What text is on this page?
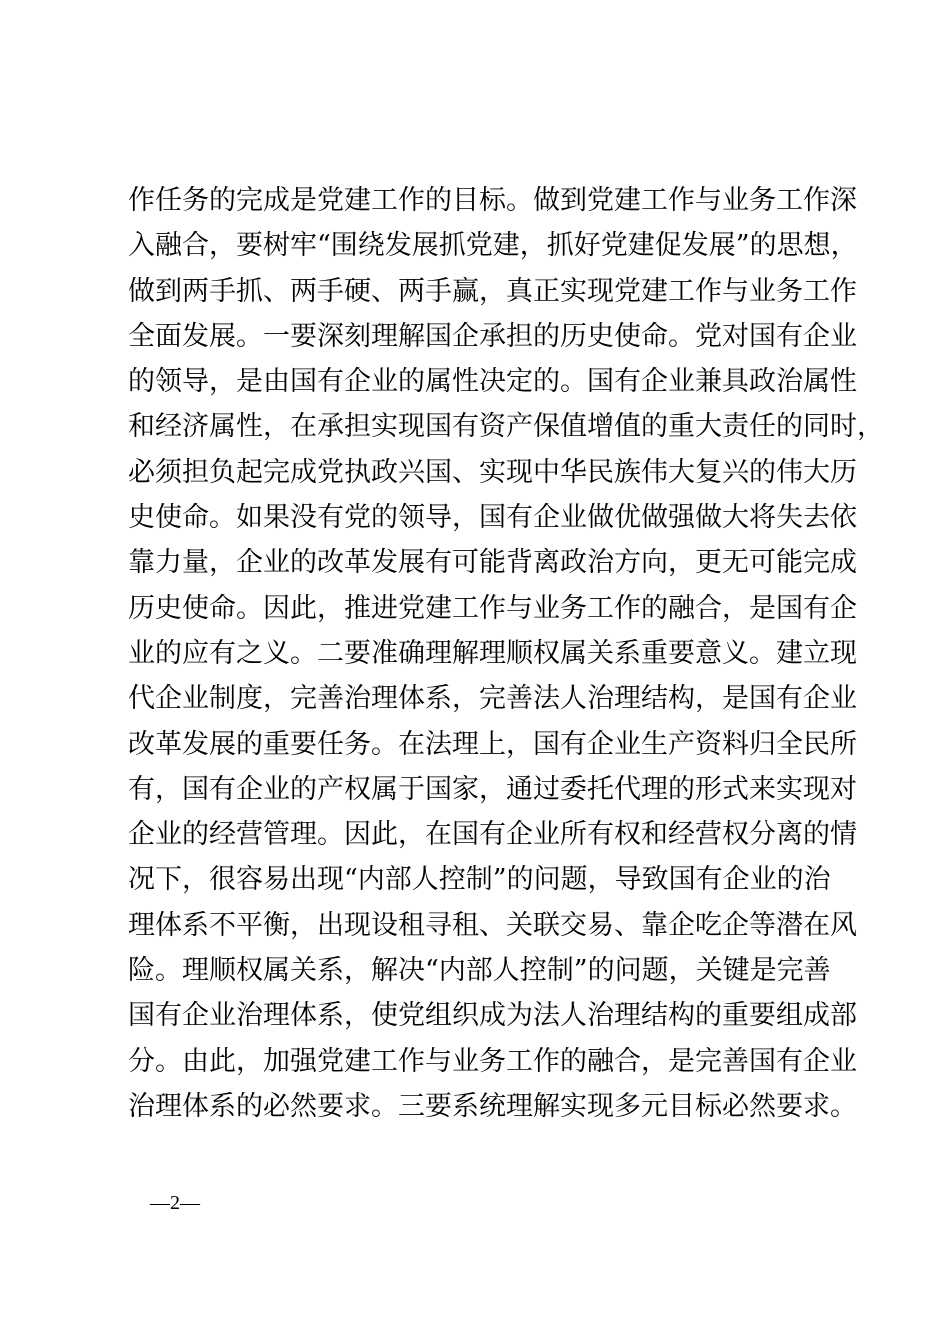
作任务的完成是党建工作的目标。做到党建工作与业务工作深
入融合，要树牢“围绕发展抓党建，抓好党建促发展”的思想，
做到两手抓、两手硬、两手赢，真正实现党建工作与业务工作
全面发展。一要深刻理解国企承担的历史使命。党对国有企业
的领导，是由国有企业的属性决定的。国有企业兼具政治属性
和经济属性，在承担实现国有资产保值增值的重大责任的同时，
必须担负起完成党执政兴国、实现中华民族伟大复兴的伟大历
史使命。如果没有党的领导，国有企业做优做强做大将失去依
靠力量，企业的改革发展有可能背离政治方向，更无可能完成
历史使命。因此，推进党建工作与业务工作的融合，是国有企
业的应有之义。二要准确理解理顺权属关系重要意义。建立现
代企业制度，完善治理体系，完善法人治理结构，是国有企业
改革发展的重要任务。在法理上，国有企业生产资料归全民所
有，国有企业的产权属于国家，通过委托代理的形式来实现对
企业的经营管理。因此，在国有企业所有权和经营权分离的情
况下，很容易出现“内部人控制”的问题，导致国有企业的治
理体系不平衡，出现设租寻租、关联交易、靠企吃企等潜在风
险。理顺权属关系，解决“内部人控制”的问题，关键是完善
国有企业治理体系，使党组织成为法人治理结构的重要组成部
分。由此，加强党建工作与业务工作的融合，是完善国有企业
治理体系的必然要求。三要系统理解实现多元目标必然要求。
—2—
